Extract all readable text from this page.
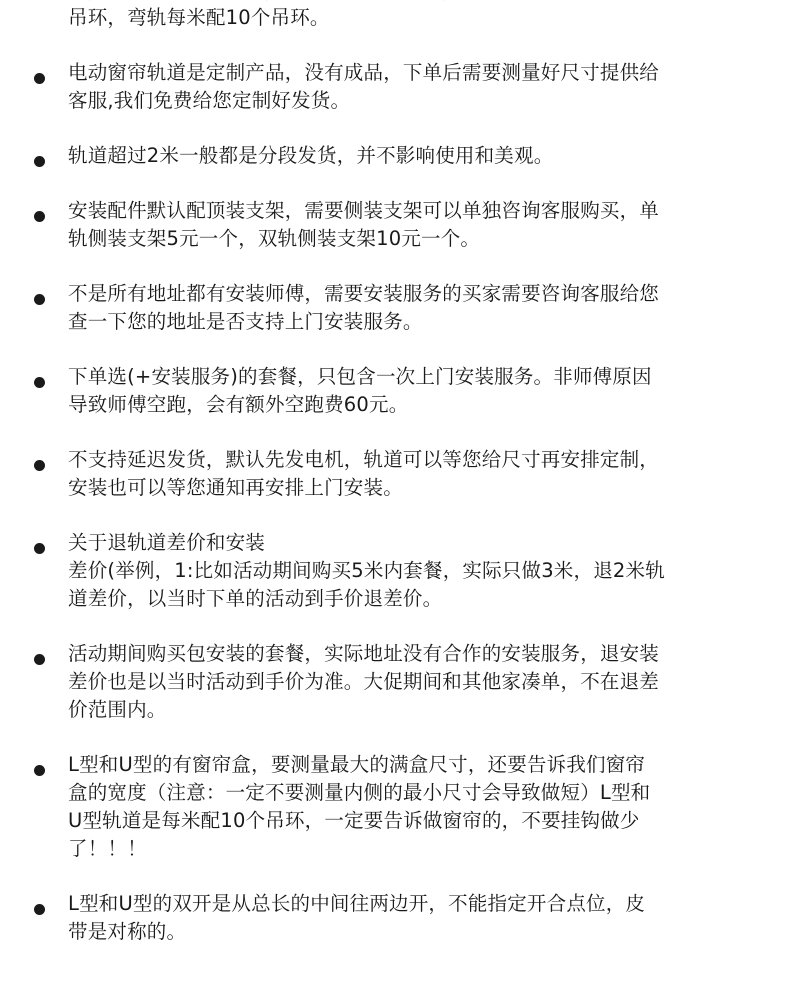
吊环，弯轨每米配10个吊环。
电动窗帘轨道是定制产品，没有成品，下单后需要测量好尺寸提供给
客服,我们免费给您定制好发货。
轨道超过2米一般都是分段发货，并不影响使用和美观。
安装配件默认配顶装支架，需要侧装支架可以单独咨询客服购买，单
轨侧装支架5元一个，双轨侧装支架10元一个。
不是所有地址都有安装师傅，需要安装服务的买家需要咨询客服给您
查一下您的地址是否支持上门安装服务。
下单选(+安装服务)的套餐，只包含一次上门安装服务。非师傅原因
导致师傅空跑，会有额外空跑费60元。
不支持延迟发货，默认先发电机，轨道可以等您给尺寸再安排定制，
安装也可以等您通知再安排上门安装。
关于退轨道差价和安装
差价(举例，1:比如活动期间购买5米内套餐，实际只做3米，退2米轨
道差价，以当时下单的活动到手价退差价。
活动期间购买包安装的套餐，实际地址没有合作的安装服务，退安装
差价也是以当时活动到手价为准。大促期间和其他家凑单，不在退差
价范围内。
L型和U型的有窗帘盒，要测量最大的满盒尺寸，还要告诉我们窗帘
盒的宽度（注意：一定不要测量内侧的最小尺寸会导致做短）L型和
U型轨道是每米配10个吊环，一定要告诉做窗帘的，不要挂钩做少
了！！！
L型和U型的双开是从总长的中间往两边开，不能指定开合点位，皮
带是对称的。
